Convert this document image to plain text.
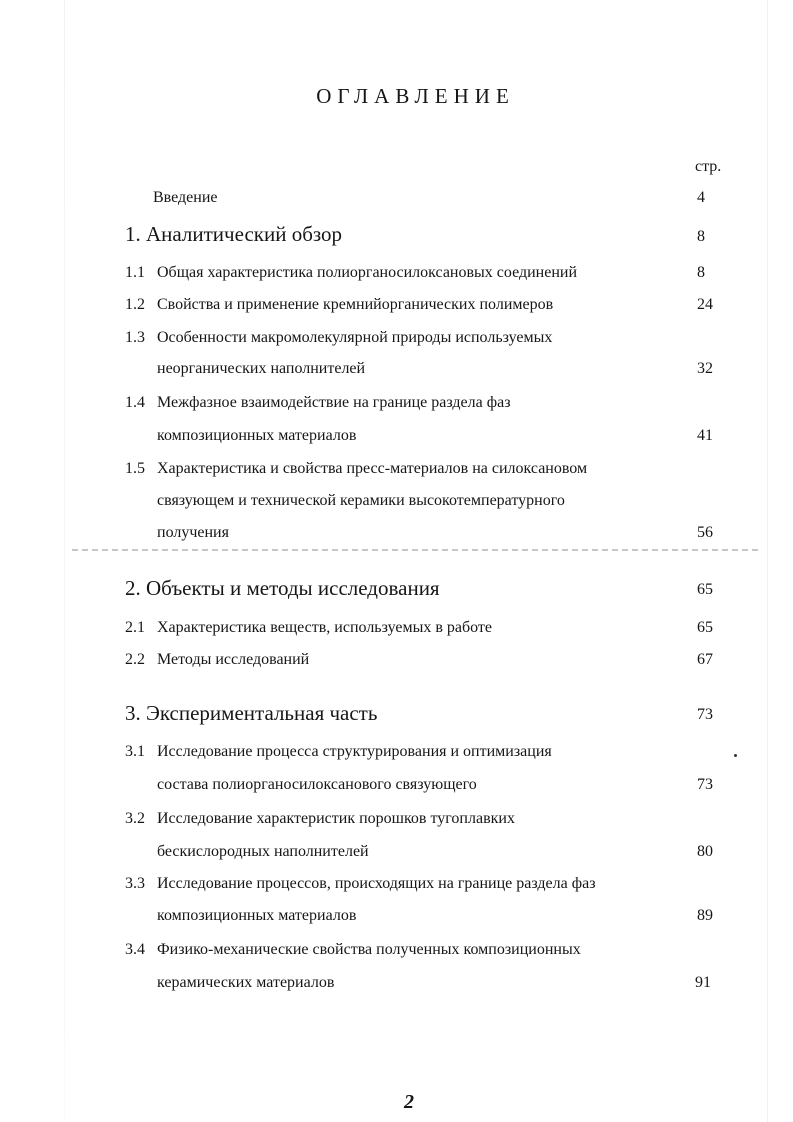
ОГЛАВЛЕНИЕ
стр.
Введение	4
1. Аналитический обзор	8
1.1 Общая характеристика полиорганосилоксановых соединений	8
1.2 Свойства и применение кремнийорганических полимеров	24
1.3 Особенности макромолекулярной природы используемых
неорганических наполнителей	32
1.4 Межфазное взаимодействие на границе раздела фаз
композиционных материалов	41
1.5 Характеристика и свойства пресс-материалов на силоксановом
связующем и технической керамики высокотемпературного
получения	56
2. Объекты и методы исследования	65
2.1 Характеристика веществ, используемых в работе	65
2.2 Методы исследований	67
3. Экспериментальная часть	73
3.1 Исследование процесса структурирования и оптимизация
состава полиорганосилоксанового связующего	73
3.2 Исследование характеристик порошков тугоплавких
бескислородных наполнителей	80
3.3 Исследование процессов, происходящих на границе раздела фаз
композиционных материалов	89
3.4 Физико-механические свойства полученных композиционных
керамических материалов	91
2
